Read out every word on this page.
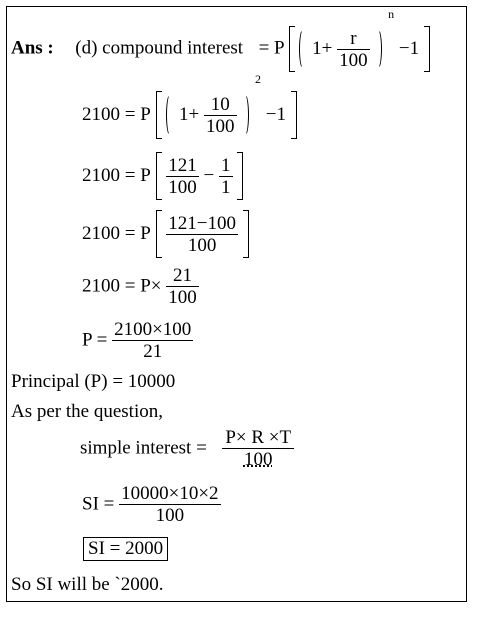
Ans : (d) compound interest = P $1+ \frac{r}{100}$
n −1
2100 = P $1+ \frac{10}{100}$
2 −1
2100 = P $\frac{121}{100} - \frac{1}{1}$

2100 = P $\frac{121-100}{100}$

$2100 = P\times \frac{21}{100}$
$P = \frac{2100\times 100}{21}$
Principal (P) = 10000
As per the question,
simple interest = $\frac{P\times R \times T}{100}$
SI = $\frac{10000\times 10\times 2}{100}$
SI = 2000
So SI will be `2000.
